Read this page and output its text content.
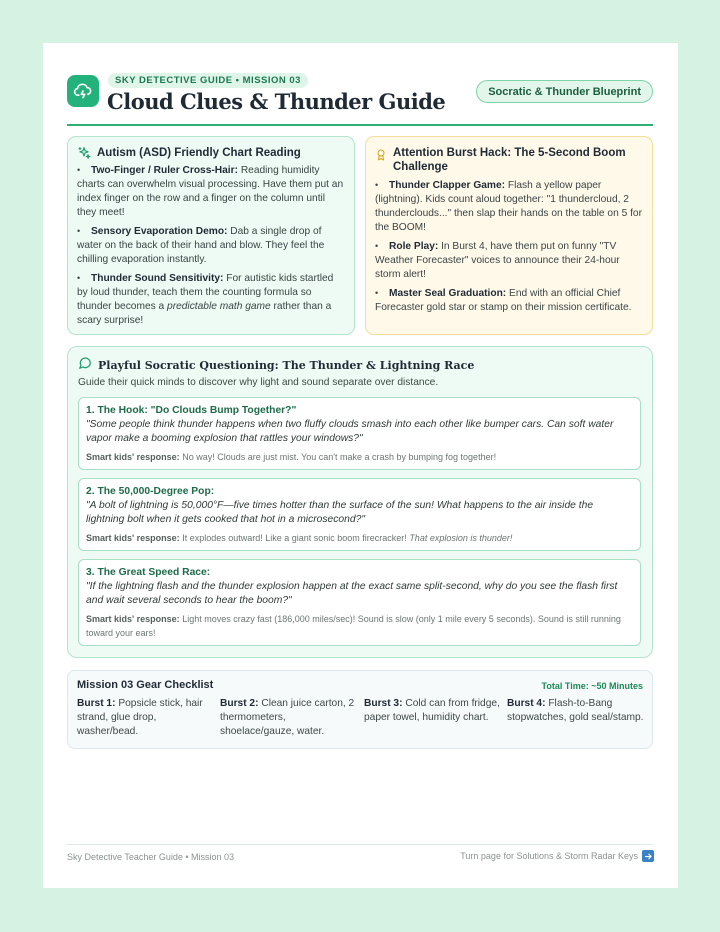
SKY DETECTIVE GUIDE • MISSION 03
Cloud Clues & Thunder Guide	Socratic & Thunder Blueprint
Autism (ASD) Friendly Chart Reading
• Two-Finger / Ruler Cross-Hair: Reading humidity charts can overwhelm visual processing. Have them put an index finger on the row and a finger on the column until they meet!
• Sensory Evaporation Demo: Dab a single drop of water on the back of their hand and blow. They feel the chilling evaporation instantly.
• Thunder Sound Sensitivity: For autistic kids startled by loud thunder, teach them the counting formula so thunder becomes a predictable math game rather than a scary surprise!
Attention Burst Hack: The 5-Second Boom Challenge
• Thunder Clapper Game: Flash a yellow paper (lightning). Kids count aloud together: "1 thundercloud, 2 thunderclouds..." then slap their hands on the table on 5 for the BOOM!
• Role Play: In Burst 4, have them put on funny "TV Weather Forecaster" voices to announce their 24-hour storm alert!
• Master Seal Graduation: End with an official Chief Forecaster gold star or stamp on their mission certificate.
Playful Socratic Questioning: The Thunder & Lightning Race
Guide their quick minds to discover why light and sound separate over distance.
1. The Hook: "Do Clouds Bump Together?"
"Some people think thunder happens when two fluffy clouds smash into each other like bumper cars. Can soft water vapor make a booming explosion that rattles your windows?"
Smart kids' response: No way! Clouds are just mist. You can't make a crash by bumping fog together!
2. The 50,000-Degree Pop:
"A bolt of lightning is 50,000°F—five times hotter than the surface of the sun! What happens to the air inside the lightning bolt when it gets cooked that hot in a microsecond?"
Smart kids' response: It explodes outward! Like a giant sonic boom firecracker! That explosion is thunder!
3. The Great Speed Race:
"If the lightning flash and the thunder explosion happen at the exact same split-second, why do you see the flash first and wait several seconds to hear the boom?"
Smart kids' response: Light moves crazy fast (186,000 miles/sec)! Sound is slow (only 1 mile every 5 seconds). Sound is still running toward your ears!
Mission 03 Gear Checklist	Total Time: ~50 Minutes
Burst 1: Popsicle stick, hair strand, glue drop, washer/bead.
Burst 2: Clean juice carton, 2 thermometers, shoelace/gauze, water.
Burst 3: Cold can from fridge, paper towel, humidity chart.
Burst 4: Flash-to-Bang stopwatches, gold seal/stamp.
Sky Detective Teacher Guide • Mission 03	Turn page for Solutions & Storm Radar Keys
